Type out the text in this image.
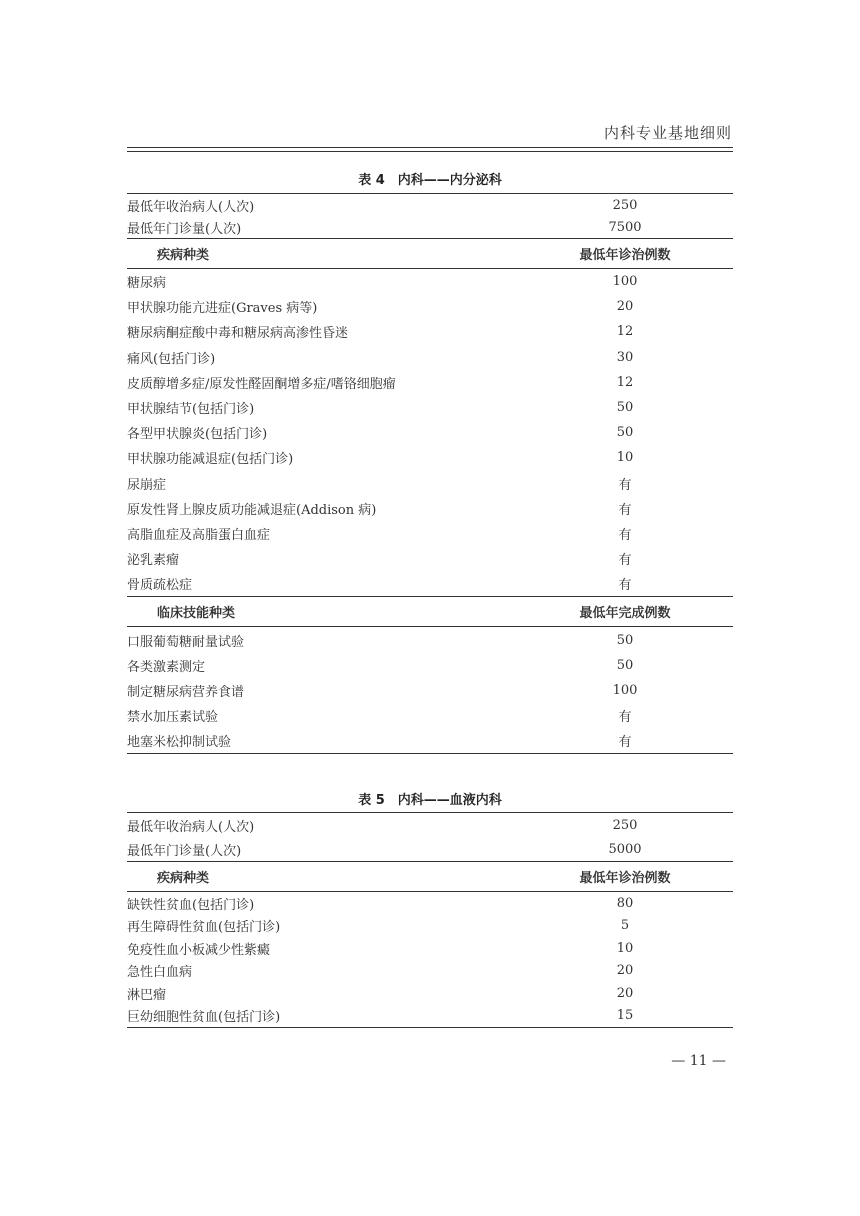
内科专业基地细则
表 4　内科——内分泌科
最低年收治病人(人次)	250
最低年门诊量(人次)	7500
疾病种类	最低年诊治例数
糖尿病	100
甲状腺功能亢进症(Graves 病等)	20
糖尿病酮症酸中毒和糖尿病高渗性昏迷	12
痛风(包括门诊)	30
皮质醇增多症/原发性醛固酮增多症/嗜铬细胞瘤	12
甲状腺结节(包括门诊)	50
各型甲状腺炎(包括门诊)	50
甲状腺功能减退症(包括门诊)	10
尿崩症	有
原发性肾上腺皮质功能减退症(Addison 病)	有
高脂血症及高脂蛋白血症	有
泌乳素瘤	有
骨质疏松症	有
临床技能种类	最低年完成例数
口服葡萄糖耐量试验	50
各类激素测定	50
制定糖尿病营养食谱	100
禁水加压素试验	有
地塞米松抑制试验	有
表 5　内科——血液内科
最低年收治病人(人次)	250
最低年门诊量(人次)	5000
疾病种类	最低年诊治例数
缺铁性贫血(包括门诊)	80
再生障碍性贫血(包括门诊)	5
免疫性血小板减少性紫癜	10
急性白血病	20
淋巴瘤	20
巨幼细胞性贫血(包括门诊)	15
— 11 —
